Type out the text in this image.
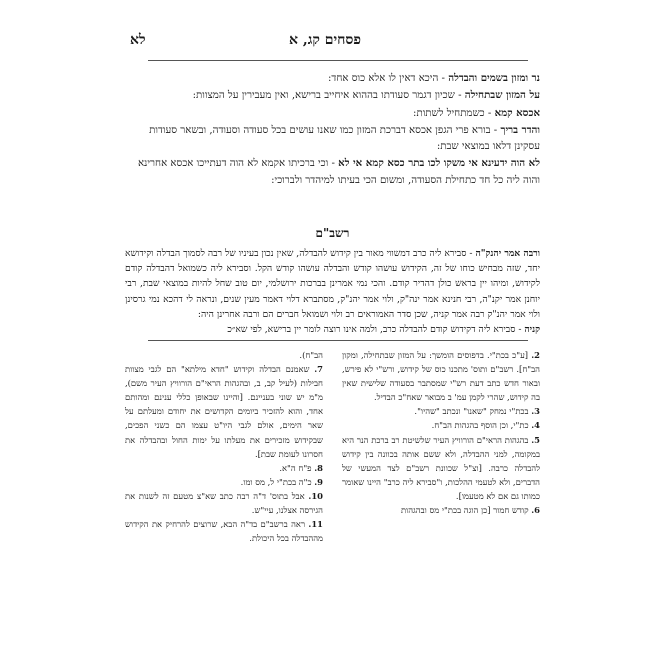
פסחים קג, א
לא

נר ומזון בשמים והבדלה - היכא דאין לו אלא כוס אחד:

על המזון שבתחילה - שכיון דגמר סעודתו בההוא איחייב ברישא, ואין מעבירין על המצוות:

אכסא קמא - כשמתחיל לשתות:

והדר בריך - בורא פרי הגפן אכסא דברכת המזון כמו שאנו עושים בכל סעודה וסעודה, ובשאר סעודות עסקינן דלאו במוצאי שבת:

לא הוה ידעינא אי משקו לכו בתר כסא קמא אי לא - וכי ברכיתו אקמא לא הוה דעתייכו אכסא אחרינא והוה ליה כל חד כתחילת הסעודה, ומשום הכי בעיתו למיהדר ולברוכי:

רשב"ם

ורבה אמר יהנק"ה - סבירא ליה כרב דמשווי מאור בין קידוש להבדלה, שאין נכון בעיניו של רבה לסמוך הבדלה וקידושא יחד, שזה מבחיש כוחו של זה, הקידוש עושהו קודש והבדלה עושהו קודש הקל. וסבירא ליה כשמואל דהבדלה קודם לקידוש, ומיהו יין בראש כולן דהדיר קודם. והכי נמי אמרינן בברכות ירושלמי, יום טוב שחל להיות במוצאי שבת, רבי יוחנן אמר יקנ"ה, רבי חנינא אמר ינה"ק, ולוי אמר יהנ"ק, מסתברא דלוי דאמר מעין שנים, ונראה לי דהכא נמי גרסינן ולוי אמר יהנ"ק רבה אמר קניה, שכן סדר האמוראים רב ולוי ושמואל חברים הם ורבה אחרינן היה:

קניה - סבירא ליה דקידוש קודם להבדלה כרב, ולמה אינו רוצה לומר יין ברישא, לפי שא״כ

2. [ע"כ בכת"י. בדפוסים הומשך: על המזון שבתחילה, ומקון הב"ח]. רשב"ם ותוס' מתכנו כוס של קידוש, ורש"י לא פירש, ובאור חדש כתב דעת רש"י שמסתבר בסעודה שלישית שאין בה קידוש, שהרי לקמן עמ' ב מבואר שאח"כ הבדיל.

3. בכת"י נמחק "שאנו" ונכתב "שהיו".

4. כת"י, וכן הוסף בהגהות הב"ח.

5. בהגהות הראי"ם הורוויץ העיר שלשיטת רב ברכת הנר היא במקומה, למני ההבדלה, ולא ששם אותה בכוונה בין קידוש להבדלה כרבה. [וצ"ל שכוונת רשב"ם לצד המעשי של הדברים, ולא לטעמי ההלכות, ו"סבירא ליה כרב" היינו שאומר כמותו גם אם לא מטעמו].

6. קודש חמור [כן הוגה בכת"י מס ובהגהות

הב"ח).

7. שאמנם הבדלה וקידוש "חדא מילתא" הם לגבי מצוות חבילות (לעיל קב, ב, ובהגהות הראי"ם הורוויץ העיר משם), מ"מ יש שוני בעניינם. [והיינו שבאופן כללי ענינם ומהותם אחד, והוא להזכיר ביומים הקדושים את יחודם ומעלתם על שאר הימים, אולם לגבי היו"ט עצמו הם כשני הפכים, שבקידוש מזכירים את מעלתו על ימות החול ובהבדלה את חסרונו לעומת שבת].

8. פ"ח ה"א.

9. כ"ה בכת"י ל, מס ומו.

10. אבל בתוס' ד"ה רבה כתב שא"צ מטעם זה לשנות את הגירסה אצלנו, עיי"ש.

11. ראה ברשב"ם בד"ה הבא, שרוצים להרחיק את הקידוש מההבדלה בכל היכולת.
